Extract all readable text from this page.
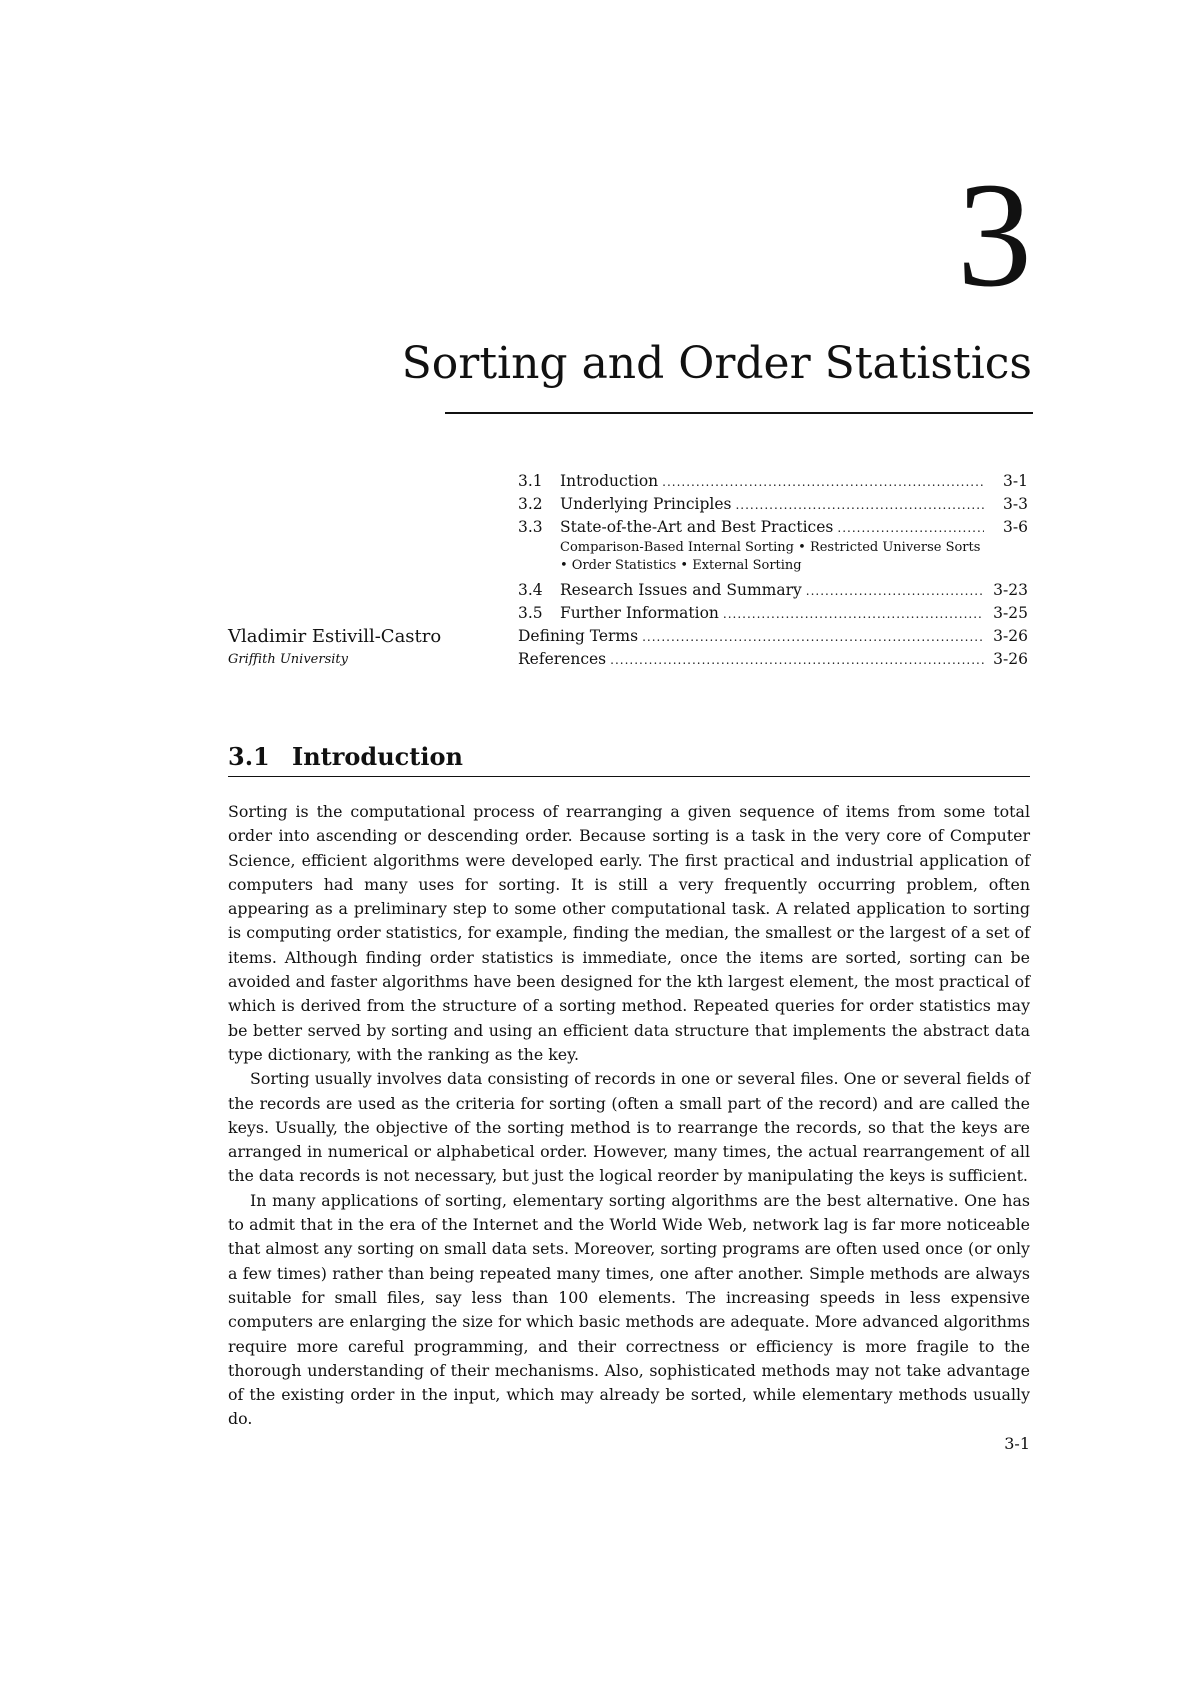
3
Sorting and Order Statistics
Vladimir Estivill-Castro
Griffith University
3.1	Introduction .....	3-1
3.2	Underlying Principles .....	3-3
3.3	State-of-the-Art and Best Practices .....	3-6
Comparison-Based Internal Sorting • Restricted Universe Sorts • Order Statistics • External Sorting
3.4	Research Issues and Summary .....	3-23
3.5	Further Information .....	3-25
Defining Terms .....	3-26
References .....	3-26
3.1 Introduction

Sorting is the computational process of rearranging a given sequence of items from some total order into ascending or descending order. Because sorting is a task in the very core of Computer Science, efficient algorithms were developed early. The first practical and industrial application of computers had many uses for sorting. It is still a very frequently occurring problem, often appearing as a preliminary step to some other computational task. A related application to sorting is computing order statistics, for example, finding the median, the smallest or the largest of a set of items. Although finding order statistics is immediate, once the items are sorted, sorting can be avoided and faster algorithms have been designed for the kth largest element, the most practical of which is derived from the structure of a sorting method. Repeated queries for order statistics may be better served by sorting and using an efficient data structure that implements the abstract data type dictionary, with the ranking as the key.

Sorting usually involves data consisting of records in one or several files. One or several fields of the records are used as the criteria for sorting (often a small part of the record) and are called the keys. Usually, the objective of the sorting method is to rearrange the records, so that the keys are arranged in numerical or alphabetical order. However, many times, the actual rearrangement of all the data records is not necessary, but just the logical reorder by manipulating the keys is sufficient.

In many applications of sorting, elementary sorting algorithms are the best alternative. One has to admit that in the era of the Internet and the World Wide Web, network lag is far more noticeable that almost any sorting on small data sets. Moreover, sorting programs are often used once (or only a few times) rather than being repeated many times, one after another. Simple methods are always suitable for small files, say less than 100 elements. The increasing speeds in less expensive computers are enlarging the size for which basic methods are adequate. More advanced algorithms require more careful programming, and their correctness or efficiency is more fragile to the thorough understanding of their mechanisms. Also, sophisticated methods may not take advantage of the existing order in the input, which may already be sorted, while elementary methods usually do.

3-1
